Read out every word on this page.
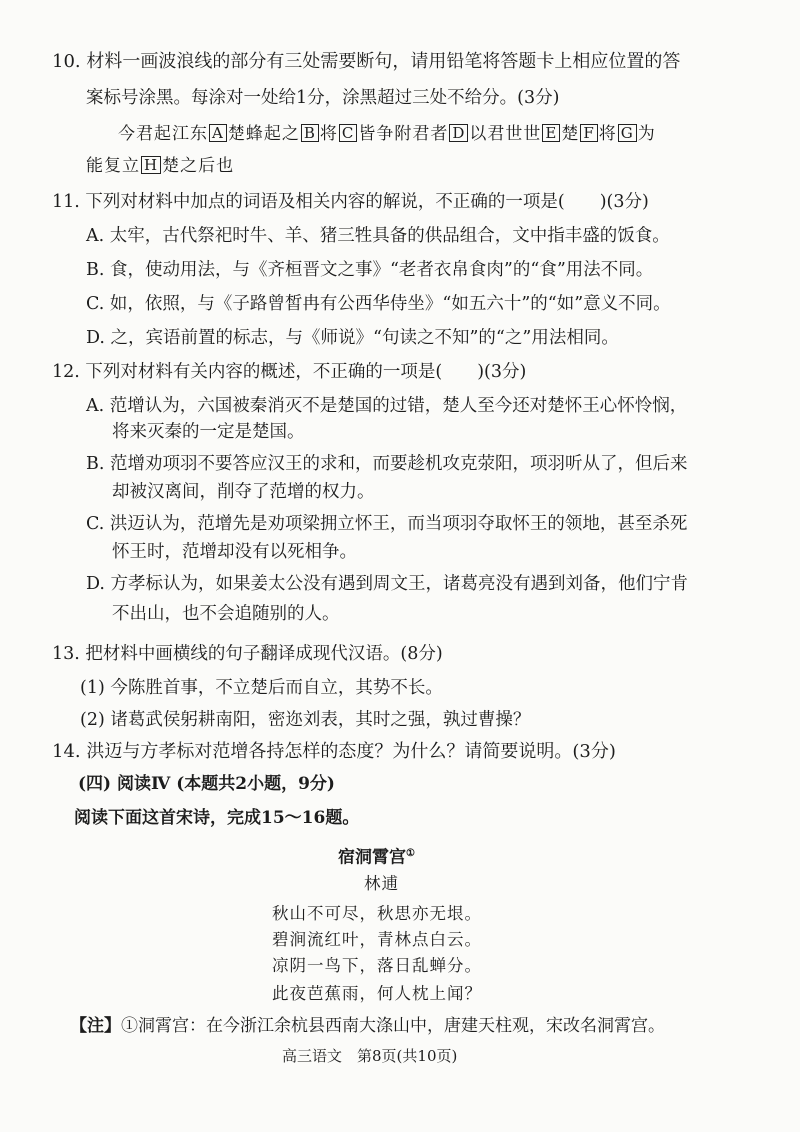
10. 材料一画波浪线的部分有三处需要断句，请用铅笔将答题卡上相应位置的答
案标号涂黑。每涂对一处给1分，涂黑超过三处不给分。(3分)
今君起江东 A 楚蜂起之 B 将 C 皆争附君者 D 以君世世 E 楚 F 将 G 为
能复立 H 楚之后也
11. 下列对材料中加点的词语及相关内容的解说，不正确的一项是(　　)(3分)
A. 太牢，古代祭祀时牛、羊、猪三牲具备的供品组合，文中指丰盛的饭食。
B. 食，使动用法，与《齐桓晋文之事》“老者衣帛食肉”的“食”用法不同。
C. 如，依照，与《子路曾皙冉有公西华侍坐》“如五六十”的“如”意义不同。
D. 之，宾语前置的标志，与《师说》“句读之不知”的“之”用法相同。
12. 下列对材料有关内容的概述，不正确的一项是(　　)(3分)
A. 范增认为，六国被秦消灭不是楚国的过错，楚人至今还对楚怀王心怀怜悯，
将来灭秦的一定是楚国。
B. 范增劝项羽不要答应汉王的求和，而要趁机攻克荥阳，项羽听从了，但后来
却被汉离间，削夺了范增的权力。
C. 洪迈认为，范增先是劝项梁拥立怀王，而当项羽夺取怀王的领地，甚至杀死
怀王时，范增却没有以死相争。
D. 方孝标认为，如果姜太公没有遇到周文王，诸葛亮没有遇到刘备，他们宁肯
不出山，也不会追随别的人。
13. 把材料中画横线的句子翻译成现代汉语。(8分)
(1) 今陈胜首事，不立楚后而自立，其势不长。
(2) 诸葛武侯躬耕南阳，密迩刘表，其时之强，孰过曹操？
14. 洪迈与方孝标对范增各持怎样的态度？为什么？请简要说明。(3分)
(四) 阅读Ⅳ (本题共2小题，9分)
阅读下面这首宋诗，完成15～16题。
宿洞霄宫①
林逋
秋山不可尽，秋思亦无垠。
碧涧流红叶，青林点白云。
凉阴一鸟下，落日乱蝉分。
此夜芭蕉雨，何人枕上闻？
【注】①洞霄宫：在今浙江余杭县西南大涤山中，唐建天柱观，宋改名洞霄宫。
高三语文　第8页(共10页)
